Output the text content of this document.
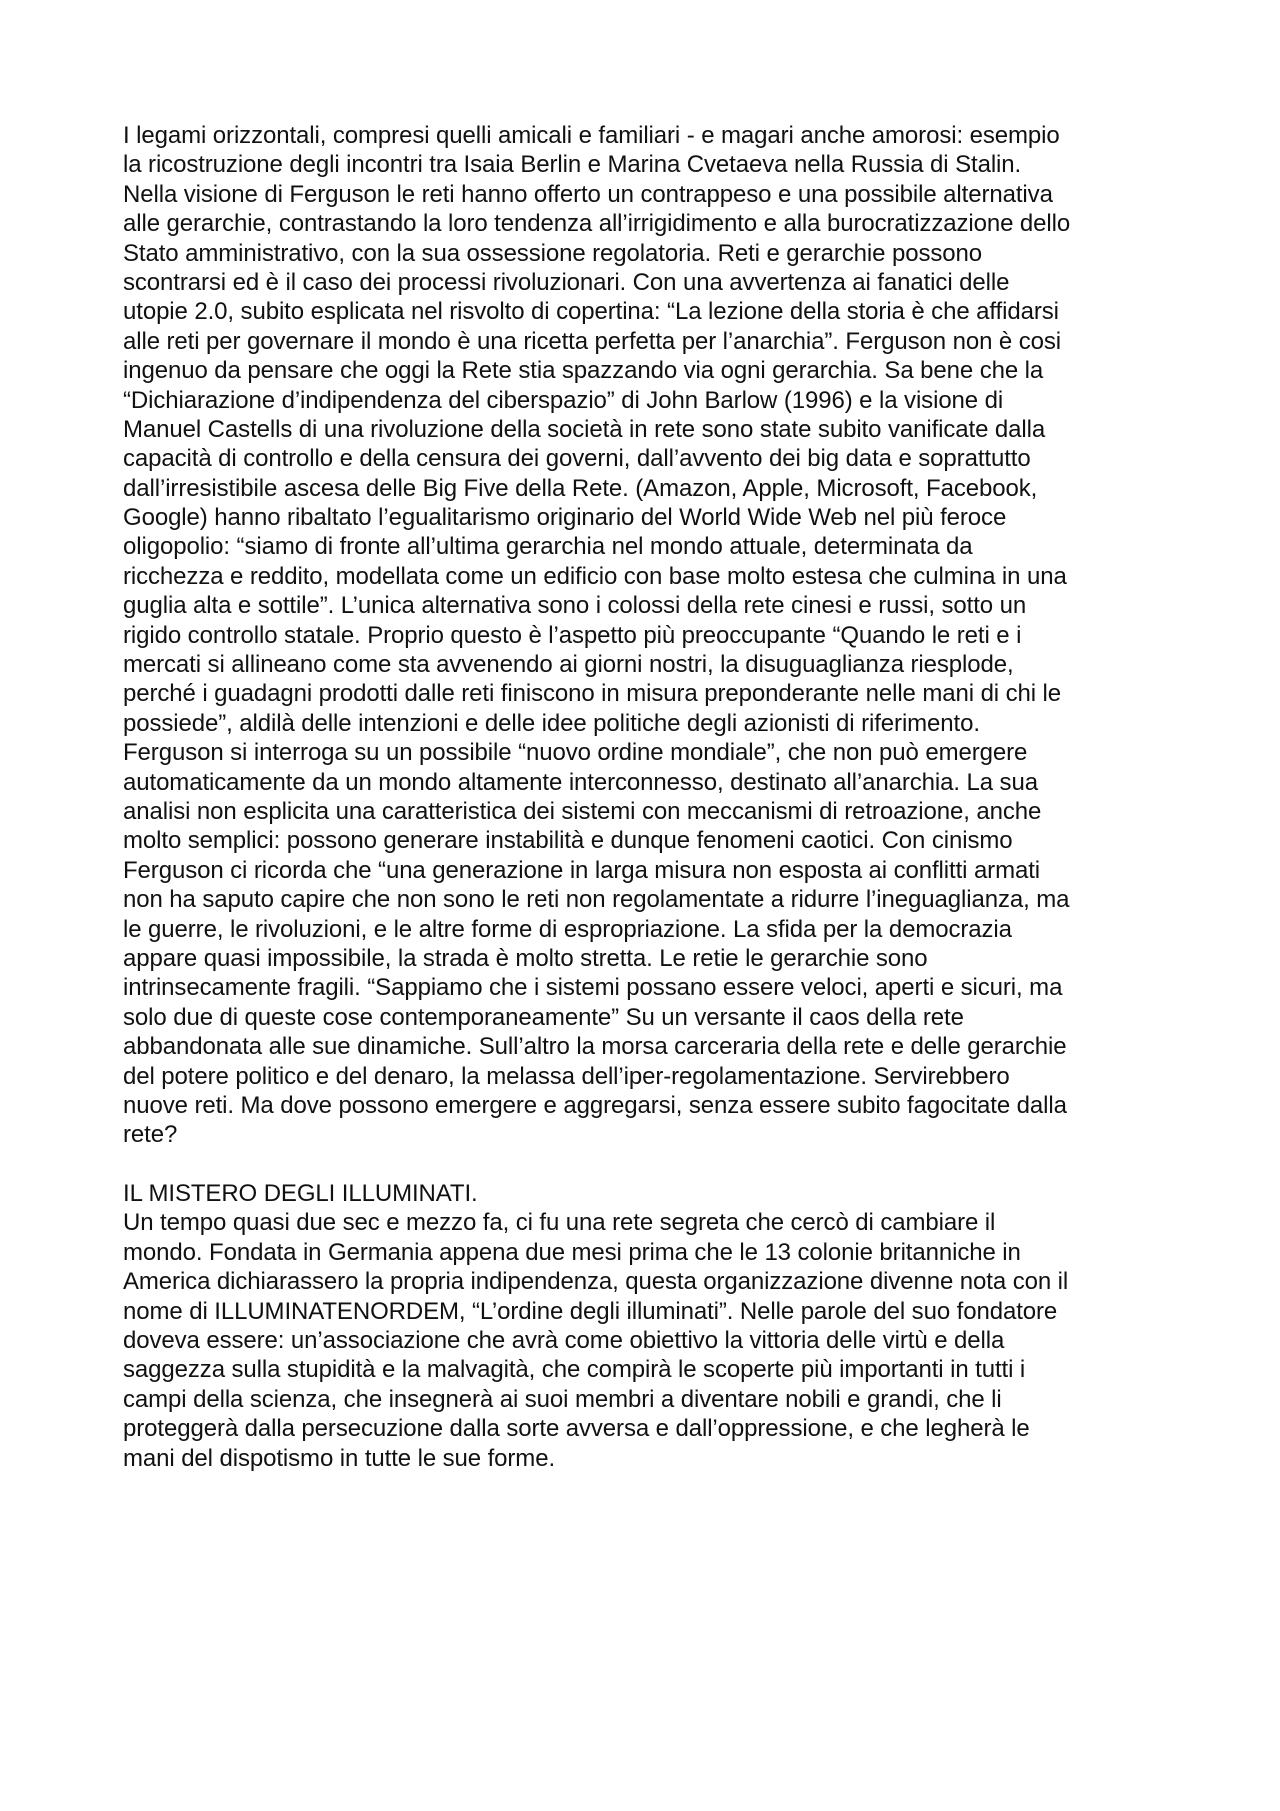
I legami orizzontali, compresi quelli amicali e familiari - e magari anche amorosi: esempio
la ricostruzione degli incontri tra Isaia Berlin e Marina Cvetaeva nella Russia di Stalin.
Nella visione di Ferguson le reti hanno offerto un contrappeso e una possibile alternativa
alle gerarchie, contrastando la loro tendenza all’irrigidimento e alla burocratizzazione dello
Stato amministrativo, con la sua ossessione regolatoria. Reti e gerarchie possono
scontrarsi ed è il caso dei processi rivoluzionari. Con una avvertenza ai fanatici delle
utopie 2.0, subito esplicata nel risvolto di copertina: “La lezione della storia è che affidarsi
alle reti per governare il mondo è una ricetta perfetta per l’anarchia”. Ferguson non è cosi
ingenuo da pensare che oggi la Rete stia spazzando via ogni gerarchia. Sa bene che la
“Dichiarazione d’indipendenza del ciberspazio” di John Barlow (1996) e la visione di
Manuel Castells di una rivoluzione della società in rete sono state subito vanificate dalla
capacità di controllo e della censura dei governi, dall’avvento dei big data e soprattutto
dall’irresistibile ascesa delle Big Five della Rete. (Amazon, Apple, Microsoft, Facebook,
Google) hanno ribaltato l’egualitarismo originario del World Wide Web nel più feroce
oligopolio: “siamo di fronte all’ultima gerarchia nel mondo attuale, determinata da
ricchezza e reddito, modellata come un edificio con base molto estesa che culmina in una
guglia alta e sottile”. L’unica alternativa sono i colossi della rete cinesi e russi, sotto un
rigido controllo statale. Proprio questo è l’aspetto più preoccupante “Quando le reti e i
mercati si allineano come sta avvenendo ai giorni nostri, la disuguaglianza riesplode,
perché i guadagni prodotti dalle reti finiscono in misura preponderante nelle mani di chi le
possiede”, aldilà delle intenzioni e delle idee politiche degli azionisti di riferimento.
Ferguson si interroga su un possibile “nuovo ordine mondiale”, che non può emergere
automaticamente da un mondo altamente interconnesso, destinato all’anarchia. La sua
analisi non esplicita una caratteristica dei sistemi con meccanismi di retroazione, anche
molto semplici: possono generare instabilità e dunque fenomeni caotici. Con cinismo
Ferguson ci ricorda che “una generazione in larga misura non esposta ai conflitti armati
non ha saputo capire che non sono le reti non regolamentate a ridurre l’ineguaglianza, ma
le guerre, le rivoluzioni, e le altre forme di espropriazione. La sfida per la democrazia
appare quasi impossibile, la strada è molto stretta. Le retie le gerarchie sono
intrinsecamente fragili. “Sappiamo che i sistemi possano essere veloci, aperti e sicuri, ma
solo due di queste cose contemporaneamente” Su un versante il caos della rete
abbandonata alle sue dinamiche. Sull’altro la morsa carceraria della rete e delle gerarchie
del potere politico e del denaro, la melassa dell’iper-regolamentazione. Servirebbero
nuove reti. Ma dove possono emergere e aggregarsi, senza essere subito fagocitate dalla
rete?
IL MISTERO DEGLI ILLUMINATI.
Un tempo quasi due sec e mezzo fa, ci fu una rete segreta che cercò di cambiare il
mondo. Fondata in Germania appena due mesi prima che le 13 colonie britanniche in
America dichiarassero la propria indipendenza, questa organizzazione divenne nota con il
nome di ILLUMINATENORDEM, “L’ordine degli illuminati”. Nelle parole del suo fondatore
doveva essere: un’associazione che avrà come obiettivo la vittoria delle virtù e della
saggezza sulla stupidità e la malvagità, che compirà le scoperte più importanti in tutti i
campi della scienza, che insegnerà ai suoi membri a diventare nobili e grandi, che li
proteggerà dalla persecuzione dalla sorte avversa e dall’oppressione, e che legherà le
mani del dispotismo in tutte le sue forme.
